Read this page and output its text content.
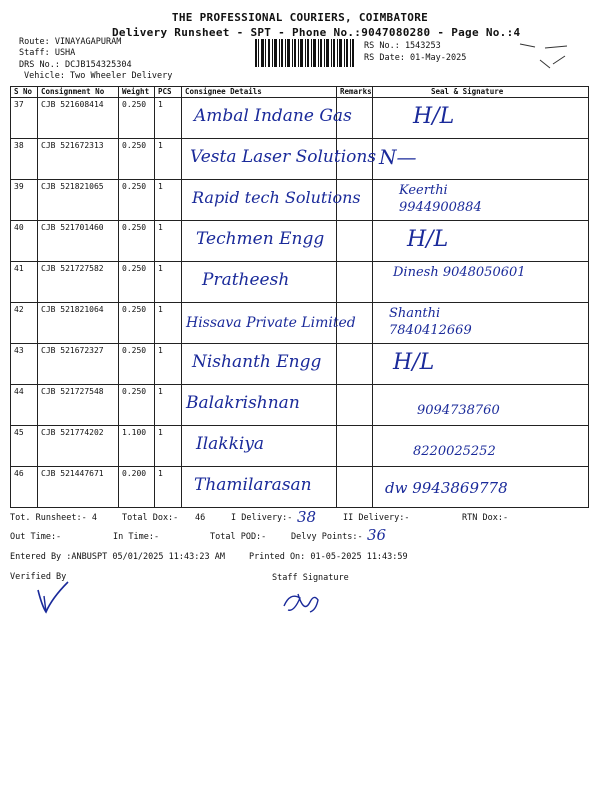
THE PROFESSIONAL COURIERS, COIMBATORE
Delivery Runsheet - SPT - Phone No.:9047080280 - Page No.:4
Route: VINAYAGAPURAM
Staff: USHA
DRS No.: DCJB154325304
Vehicle: Two Wheeler Delivery
RS No.: 1543253
RS Date: 01-May-2025
S No	Consignment No	Weight	PCS	Consignee Details	Remarks	Seal & Signature

37	CJB 521608414	0.250	1	Ambal Indane Gas		H/L

38	CJB 521672313	0.250	1	Vesta Laser Solutions		N—

39	CJB 521821065	0.250	1	Rapid tech Solutions		Keerthi 9944900884

40	CJB 521701460	0.250	1	Techmen Engg		H/L

41	CJB 521727582	0.250	1	Pratheesh		Dinesh 9048050601

42	CJB 521821064	0.250	1	Hissava Private Limited		Shanthi 7840412669

43	CJB 521672327	0.250	1	Nishanth Engg		H/L

44	CJB 521727548	0.250	1	Balakrishnan		9094738760

45	CJB 521774202	1.100	1	Ilakkiya		8220025252

46	CJB 521447671	0.200	1	Thamilarasan		dw 9943869778
Tot. Runsheet:- 4	Total Dox:- 46	I Delivery:- 38	II Delivery:-	RTN Dox:-
Out Time:-	In Time:-	Total POD:-	Delvy Points:- 36
Entered By :ANBUSPT 05/01/2025 11:43:23 AM	Printed On: 01-05-2025 11:43:59
Verified By	Staff Signature
